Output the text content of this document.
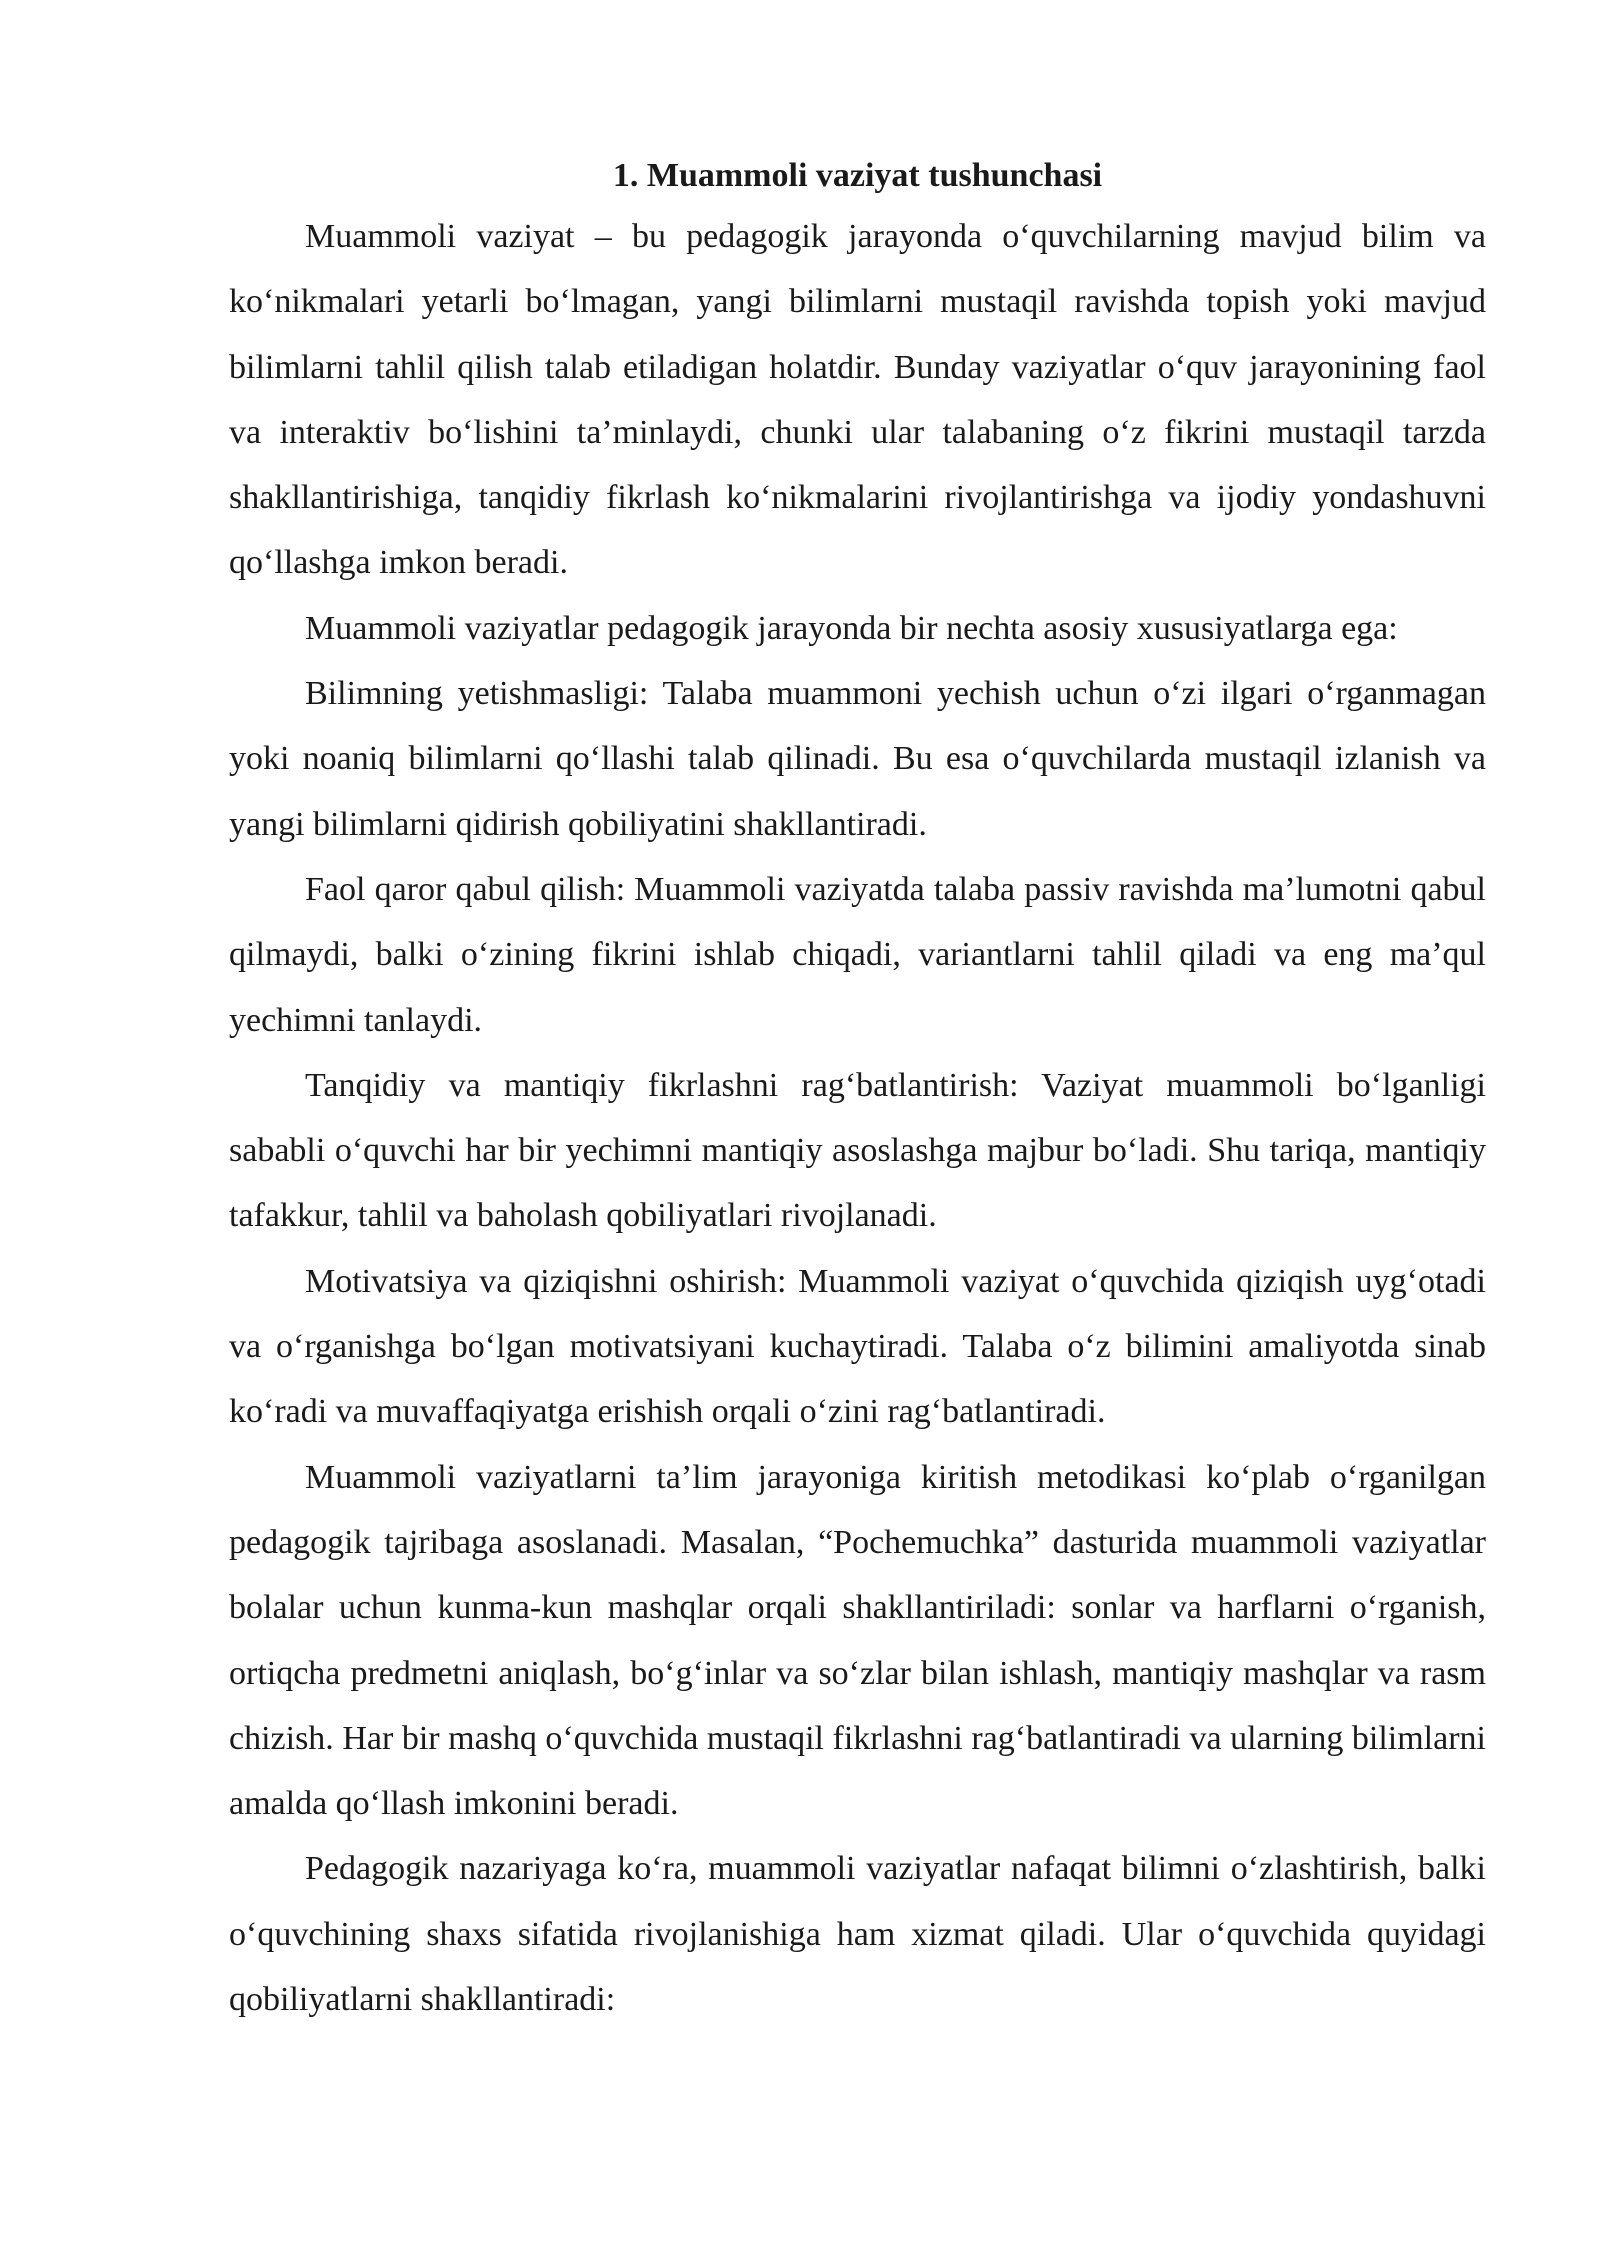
1. Muammoli vaziyat tushunchasi

Muammoli vaziyat – bu pedagogik jarayonda o‘quvchilarning mavjud bilim va ko‘nikmalari yetarli bo‘lmagan, yangi bilimlarni mustaqil ravishda topish yoki mavjud bilimlarni tahlil qilish talab etiladigan holatdir. Bunday vaziyatlar o‘quv jarayonining faol va interaktiv bo‘lishini ta’minlaydi, chunki ular talabaning o‘z fikrini mustaqil tarzda shakllantirishiga, tanqidiy fikrlash ko‘nikmalarini rivojlantirishga va ijodiy yondashuvni qo‘llashga imkon beradi.

Muammoli vaziyatlar pedagogik jarayonda bir nechta asosiy xususiyatlarga ega:

Bilimning yetishmasligi: Talaba muammoni yechish uchun o‘zi ilgari o‘rganmagan yoki noaniq bilimlarni qo‘llashi talab qilinadi. Bu esa o‘quvchilarda mustaqil izlanish va yangi bilimlarni qidirish qobiliyatini shakllantiradi.

Faol qaror qabul qilish: Muammoli vaziyatda talaba passiv ravishda ma’lumotni qabul qilmaydi, balki o‘zining fikrini ishlab chiqadi, variantlarni tahlil qiladi va eng ma’qul yechimni tanlaydi.

Tanqidiy va mantiqiy fikrlashni rag‘batlantirish: Vaziyat muammoli bo‘lganligi sababli o‘quvchi har bir yechimni mantiqiy asoslashga majbur bo‘ladi. Shu tariqa, mantiqiy tafakkur, tahlil va baholash qobiliyatlari rivojlanadi.

Motivatsiya va qiziqishni oshirish: Muammoli vaziyat o‘quvchida qiziqish uyg‘otadi va o‘rganishga bo‘lgan motivatsiyani kuchaytiradi. Talaba o‘z bilimini amaliyotda sinab ko‘radi va muvaffaqiyatga erishish orqali o‘zini rag‘batlantiradi.

Muammoli vaziyatlarni ta’lim jarayoniga kiritish metodikasi ko‘plab o‘rganilgan pedagogik tajribaga asoslanadi. Masalan, “Pochemuchka” dasturida muammoli vaziyatlar bolalar uchun kunma-kun mashqlar orqali shakllantiriladi: sonlar va harflarni o‘rganish, ortiqcha predmetni aniqlash, bo‘g‘inlar va so‘zlar bilan ishlash, mantiqiy mashqlar va rasm chizish. Har bir mashq o‘quvchida mustaqil fikrlashni rag‘batlantiradi va ularning bilimlarni amalda qo‘llash imkonini beradi.

Pedagogik nazariyaga ko‘ra, muammoli vaziyatlar nafaqat bilimni o‘zlashtirish, balki o‘quvchining shaxs sifatida rivojlanishiga ham xizmat qiladi. Ular o‘quvchida quyidagi qobiliyatlarni shakllantiradi:
